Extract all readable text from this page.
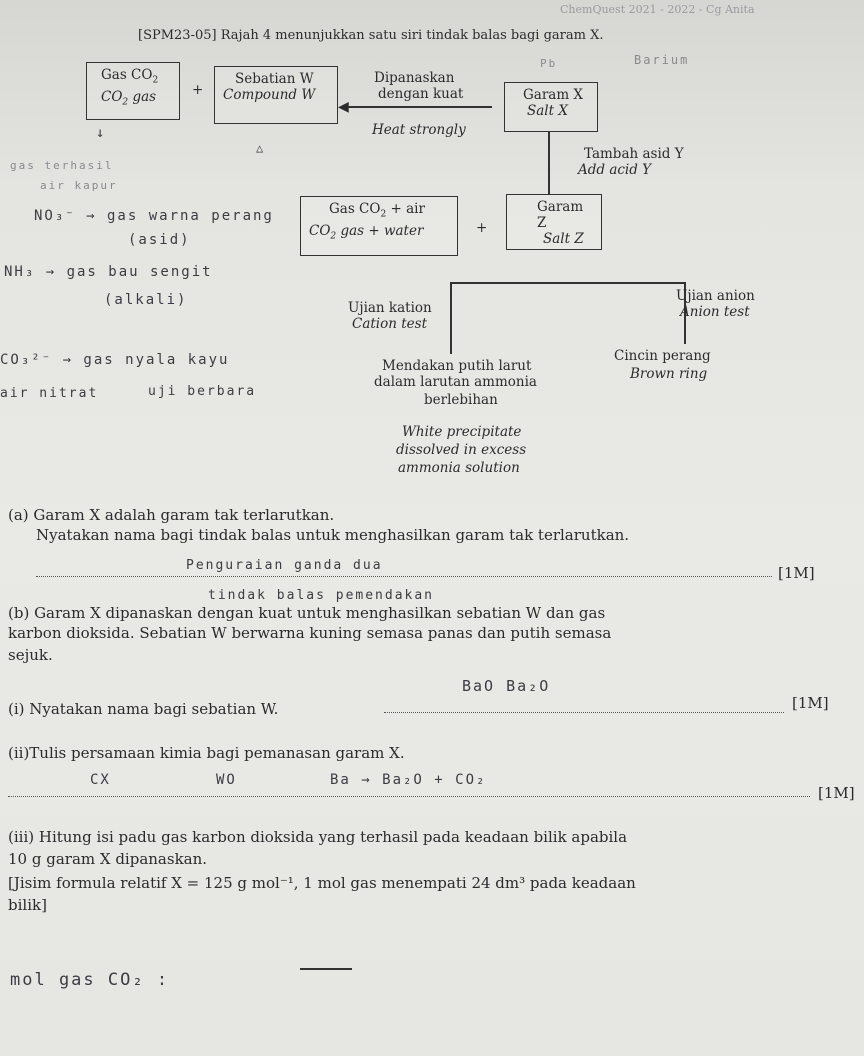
ChemQuest 2021 - 2022 - Cg Anita
[SPM23-05] Rajah 4 menunjukkan satu siri tindak balas bagi garam X.
Barium
Pb
Gas $CO_2$
$CO_2$ gas	+
Sebatian W
Compound W
Dipanaskan
dengan kuat
◀
Heat strongly
Garam X
Salt X
↓
gas terhasil
air kapur
△	Tambah asid Y
Add acid Y
Gas $CO_2$ + air
$CO_2$ gas + water	+
Garam Z
Salt Z
NO₃⁻ → gas warna perang
(asid)
NH₃ → gas bau sengit
(alkali)
CO₃²⁻ → gas nyala kayu
uji berbara
air nitrat
Ujian kation
Cation test
Ujian anion
Anion test
Mendakan putih larut
dalam larutan ammonia
berlebihan
White precipitate
dissolved in excess
ammonia solution
Cincin perang
Brown ring
(a) Garam X adalah garam tak terlarutkan.
Nyatakan nama bagi tindak balas untuk menghasilkan garam tak terlarutkan.
Penguraian ganda dua	[1M]
tindak balas pemendakan
(b) Garam X dipanaskan dengan kuat untuk menghasilkan sebatian W dan gas
karbon dioksida. Sebatian W berwarna kuning semasa panas dan putih semasa
sejuk.
(i) Nyatakan nama bagi sebatian W.
BaO Ba₂O
[1M]
(ii)Tulis persamaan kimia bagi pemanasan garam X.
CX	WO	Ba → Ba₂O + CO₂
[1M]
(iii) Hitung isi padu gas karbon dioksida yang terhasil pada keadaan bilik apabila
10 g garam X dipanaskan.
[Jisim formula relatif X = 125 g mol⁻¹, 1 mol gas menempati 24 dm³ pada keadaan
bilik]
mol gas CO₂ :
